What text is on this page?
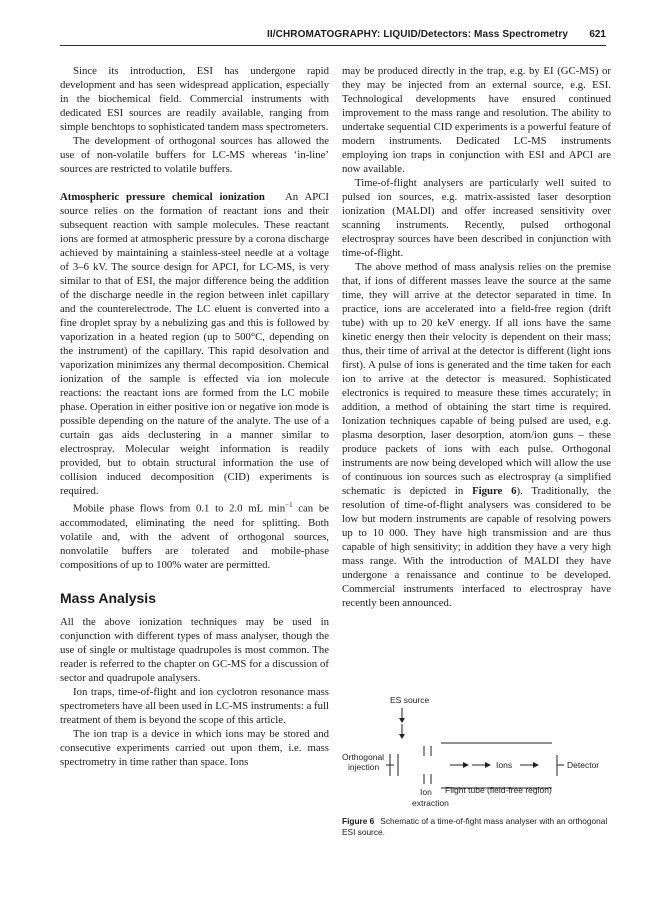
II/CHROMATOGRAPHY: LIQUID/Detectors: Mass Spectrometry 621

Since its introduction, ESI has undergone rapid development and has seen widespread application, especially in the biochemical field. Commercial instruments with dedicated ESI sources are readily available, ranging from simple benchtops to sophisticated tandem mass spectrometers.

The development of orthogonal sources has allowed the use of non-volatile buffers for LC-MS whereas ‘in-line’ sources are restricted to volatile buffers.

Atmospheric pressure chemical ionization An APCI source relies on the formation of reactant ions and their subsequent reaction with sample molecules. These reactant ions are formed at atmospheric pressure by a corona discharge achieved by maintaining a stainless-steel needle at a voltage of 3–6 kV. The source design for APCI, for LC-MS, is very similar to that of ESI, the major difference being the addition of the discharge needle in the region between inlet capillary and the counterelectrode. The LC eluent is converted into a fine droplet spray by a nebulizing gas and this is followed by vaporization in a heated region (up to 500°C, depending on the instrument) of the capillary. This rapid desolvation and vaporization minimizes any thermal decomposition. Chemical ionization of the sample is effected via ion molecule reactions: the reactant ions are formed from the LC mobile phase. Operation in either positive ion or negative ion mode is possible depending on the nature of the analyte. The use of a curtain gas aids declustering in a manner similar to electrospray. Molecular weight information is readily provided, but to obtain structural information the use of collision induced decomposition (CID) experiments is required.

Mobile phase flows from 0.1 to 2.0 mL $\min^{-1}$ can be accommodated, eliminating the need for splitting. Both volatile and, with the advent of orthogonal sources, nonvolatile buffers are tolerated and mobile-phase compositions of up to 100% water are permitted.

Mass Analysis

All the above ionization techniques may be used in conjunction with different types of mass analyser, though the use of single or multistage quadrupoles is most common. The reader is referred to the chapter on GC-MS for a discussion of sector and quadrupole analysers.

Ion traps, time-of-flight and ion cyclotron resonance mass spectrometers have all been used in LC-MS instruments: a full treatment of them is beyond the scope of this article.

The ion trap is a device in which ions may be stored and consecutive experiments carried out upon them, i.e. mass spectrometry in time rather than space. Ions

may be produced directly in the trap, e.g. by EI (GC-MS) or they may be injected from an external source, e.g. ESI. Technological developments have ensured continued improvement to the mass range and resolution. The ability to undertake sequential CID experiments is a powerful feature of modern instruments. Dedicated LC-MS instruments employing ion traps in conjunction with ESI and APCI are now available.

Time-of-flight analysers are particularly well suited to pulsed ion sources, e.g. matrix-assisted laser desorption ionization (MALDI) and offer increased sensitivity over scanning instruments. Recently, pulsed orthogonal electrospray sources have been described in conjunction with time-of-flight.

The above method of mass analysis relies on the premise that, if ions of different masses leave the source at the same time, they will arrive at the detector separated in time. In practice, ions are accelerated into a field-free region (drift tube) with up to 20 keV energy. If all ions have the same kinetic energy then their velocity is dependent on their mass; thus, their time of arrival at the detector is different (light ions first). A pulse of ions is generated and the time taken for each ion to arrive at the detector is measured. Sophisticated electronics is required to measure these times accurately; in addition, a method of obtaining the start time is required. Ionization techniques capable of being pulsed are used, e.g. plasma desorption, laser desorption, atom/ion guns – these produce packets of ions with each pulse. Orthogonal instruments are now being developed which will allow the use of continuous ion sources such as electrospray (a simplified schematic is depicted in Figure 6). Traditionally, the resolution of time-of-flight analysers was considered to be low but modern instruments are capable of resolving powers up to 10 000. They have high transmission and are thus capable of high sensitivity; in addition they have a very high mass range. With the introduction of MALDI they have undergone a renaissance and continue to be developed. Commercial instruments interfaced to electrospray have recently been announced.

ES source
Orthogonal
injection	Ions	Detector
Ion
extraction
Flight tube (field-free region)
Figure 6 Schematic of a time-of-fight mass analyser with an orthogonal ESI source.
